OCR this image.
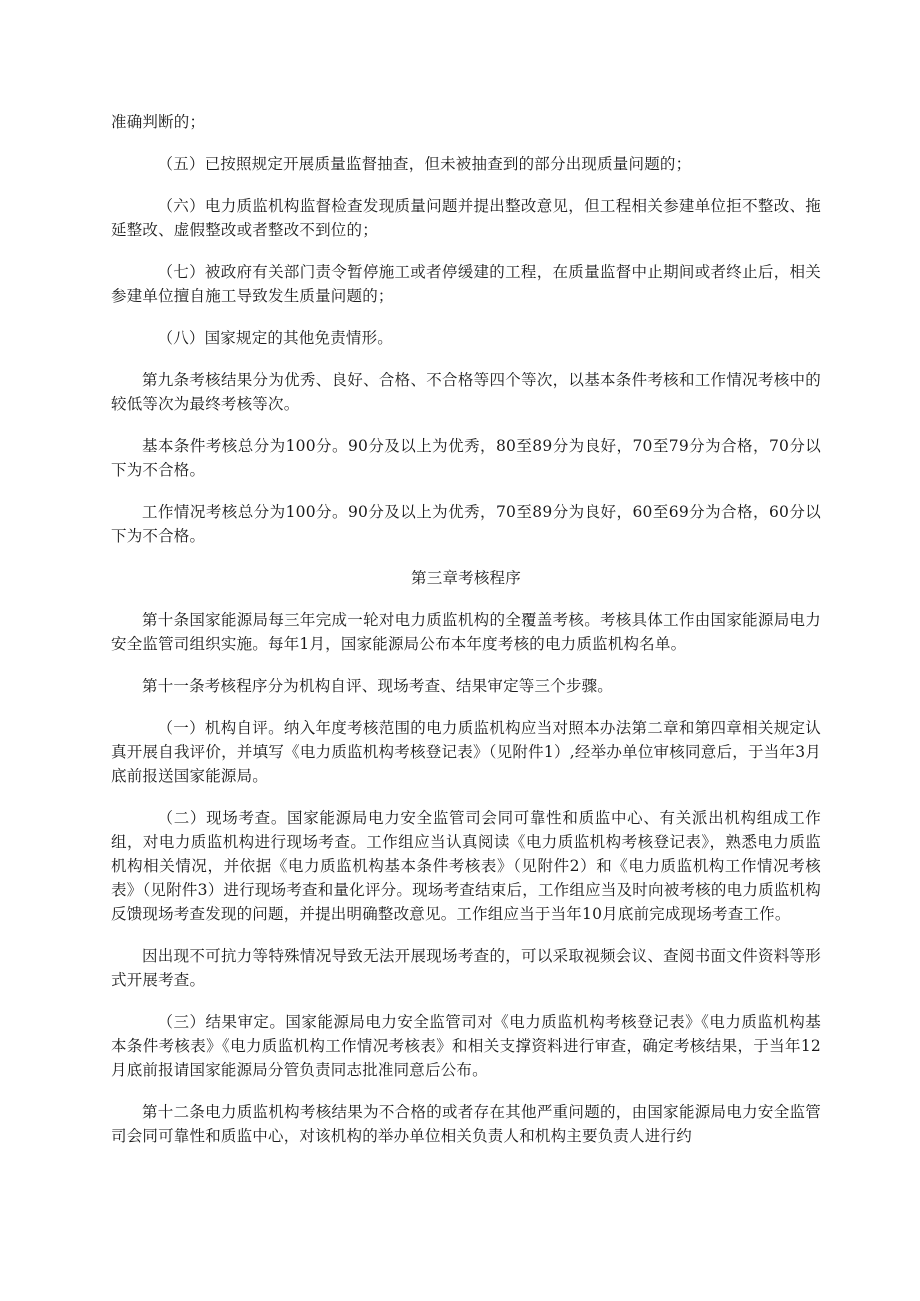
准确判断的；

（五）已按照规定开展质量监督抽查，但未被抽查到的部分出现质量问题的；

（六）电力质监机构监督检查发现质量问题并提出整改意见，但工程相关参建单位拒不整改、拖延整改、虚假整改或者整改不到位的；

（七）被政府有关部门责令暂停施工或者停缓建的工程，在质量监督中止期间或者终止后，相关参建单位擅自施工导致发生质量问题的；

（八）国家规定的其他免责情形。

第九条考核结果分为优秀、良好、合格、不合格等四个等次，以基本条件考核和工作情况考核中的较低等次为最终考核等次。

基本条件考核总分为100分。90分及以上为优秀，80至89分为良好，70至79分为合格，70分以下为不合格。

工作情况考核总分为100分。90分及以上为优秀，70至89分为良好，60至69分为合格，60分以下为不合格。

第三章考核程序

第十条国家能源局每三年完成一轮对电力质监机构的全覆盖考核。考核具体工作由国家能源局电力安全监管司组织实施。每年1月，国家能源局公布本年度考核的电力质监机构名单。

第十一条考核程序分为机构自评、现场考查、结果审定等三个步骤。

（一）机构自评。纳入年度考核范围的电力质监机构应当对照本办法第二章和第四章相关规定认真开展自我评价，并填写《电力质监机构考核登记表》（见附件1）,经举办单位审核同意后，于当年3月底前报送国家能源局。

（二）现场考查。国家能源局电力安全监管司会同可靠性和质监中心、有关派出机构组成工作组，对电力质监机构进行现场考查。工作组应当认真阅读《电力质监机构考核登记表》，熟悉电力质监机构相关情况，并依据《电力质监机构基本条件考核表》（见附件2）和《电力质监机构工作情况考核表》（见附件3）进行现场考查和量化评分。现场考查结束后，工作组应当及时向被考核的电力质监机构反馈现场考查发现的问题，并提出明确整改意见。工作组应当于当年10月底前完成现场考查工作。

因出现不可抗力等特殊情况导致无法开展现场考查的，可以采取视频会议、查阅书面文件资料等形式开展考查。

（三）结果审定。国家能源局电力安全监管司对《电力质监机构考核登记表》《电力质监机构基本条件考核表》《电力质监机构工作情况考核表》和相关支撑资料进行审查，确定考核结果，于当年12月底前报请国家能源局分管负责同志批准同意后公布。

第十二条电力质监机构考核结果为不合格的或者存在其他严重问题的，由国家能源局电力安全监管司会同可靠性和质监中心，对该机构的举办单位相关负责人和机构主要负责人进行约
